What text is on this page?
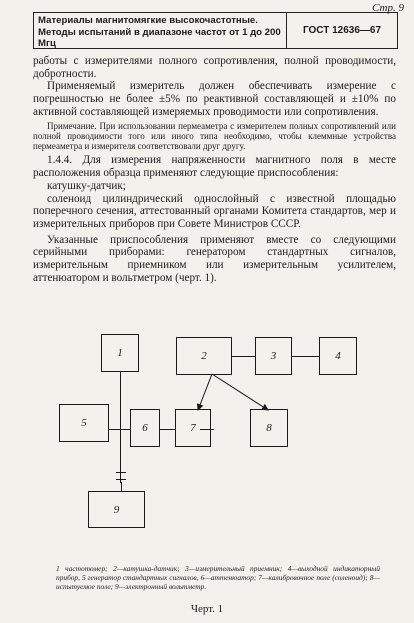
Стр. 9
Материалы магнитомягкие высокочастотные. Методы испытаний в диапазоне частот от 1 до 200 Мгц
ГОСТ 12636—67

работы с измерителями полного сопротивления, полной проводимости, добротности.

Применяемый измеритель должен обеспечивать измерение с погрешностью не более ±5% по реактивной составляющей и ±10% по активной составляющей измеряемых проводимости или сопротивления.

Примечание. При использовании пермеаметра с измерителем полных сопротивлений или полной проводимости того или иного типа необходимо, чтобы клеммные устройства пермеаметра и измерителя соответствовали друг другу.

1.4.4. Для измерения напряженности магнитного поля в месте расположения образца применяют следующие приспособления:

катушку-датчик;

соленоид цилиндрический однослойный с известной площадью поперечного сечения, аттестованный органами Комитета стандартов, мер и измерительных приборов при Совете Министров СССР.

Указанные приспособления применяют вместе со следующими серийными приборами: генератором стандартных сигналов, измерительным приемником или измерительным усилителем, аттенюатором и вольтметром (черт. 1).

1	2	3	4
5	6	7	8
9
1 частотомер; 2—катушка-датчик; 3—измерительный приемник; 4—выходной индикаторный прибор, 5 генератор стандартных сигналов, 6—аттенюатор; 7—калибровочное поле (соленоид); 8—испытуемое поле; 9—электронный вольтметр.
Черт. 1
